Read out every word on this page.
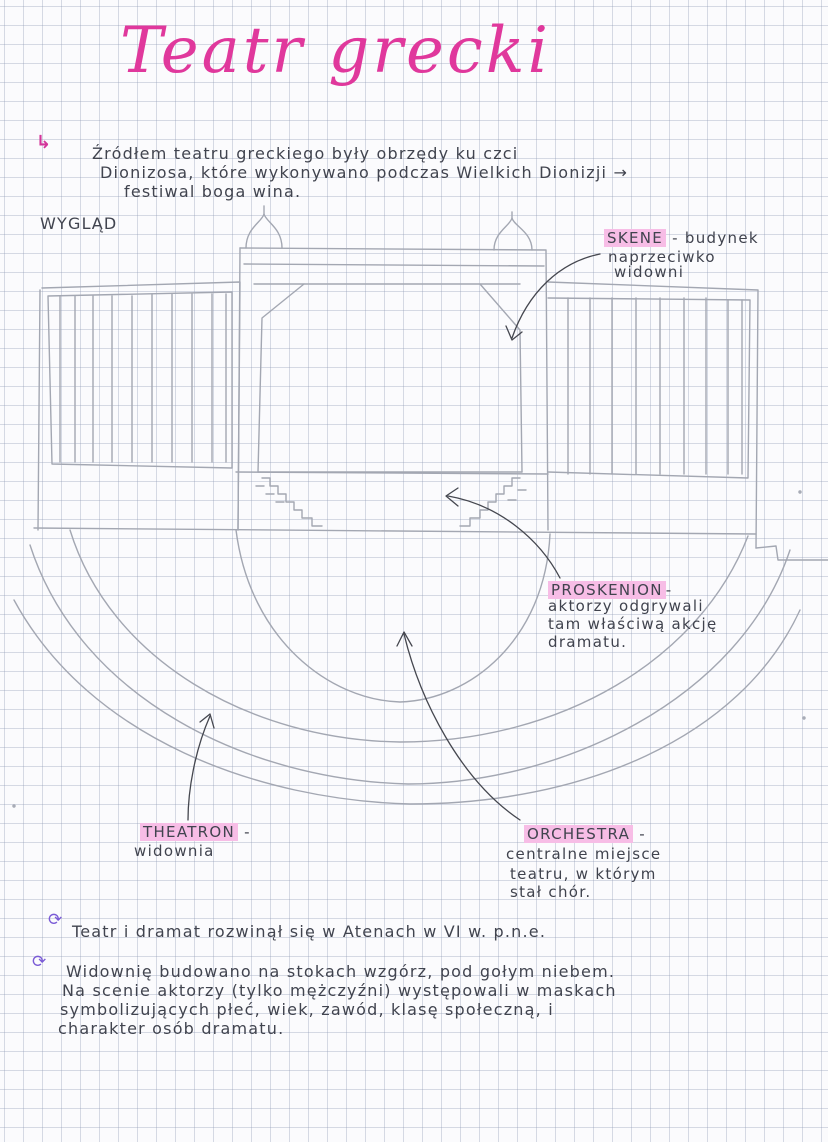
Teatr grecki
↳
Źródłem teatru greckiego były obrzędy ku czci
Dionizosa, które wykonywano podczas Wielkich Dionizji →
festiwal boga wina.
WYGLĄD
SKENE - budynek
naprzeciwko
widowni
PROSKENION -
aktorzy odgrywali
tam właściwą akcję
dramatu.
THEATRON -
widownia
ORCHESTRA -
centralne miejsce
teatru, w którym
stał chór.
⟳
Teatr i dramat rozwinął się w Atenach w VI w. p.n.e.
⟳ Widownię budowano na stokach wzgórz, pod gołym niebem.
Na scenie aktorzy (tylko mężczyźni) występowali w maskach
symbolizujących płeć, wiek, zawód, klasę społeczną, i
charakter osób dramatu.
